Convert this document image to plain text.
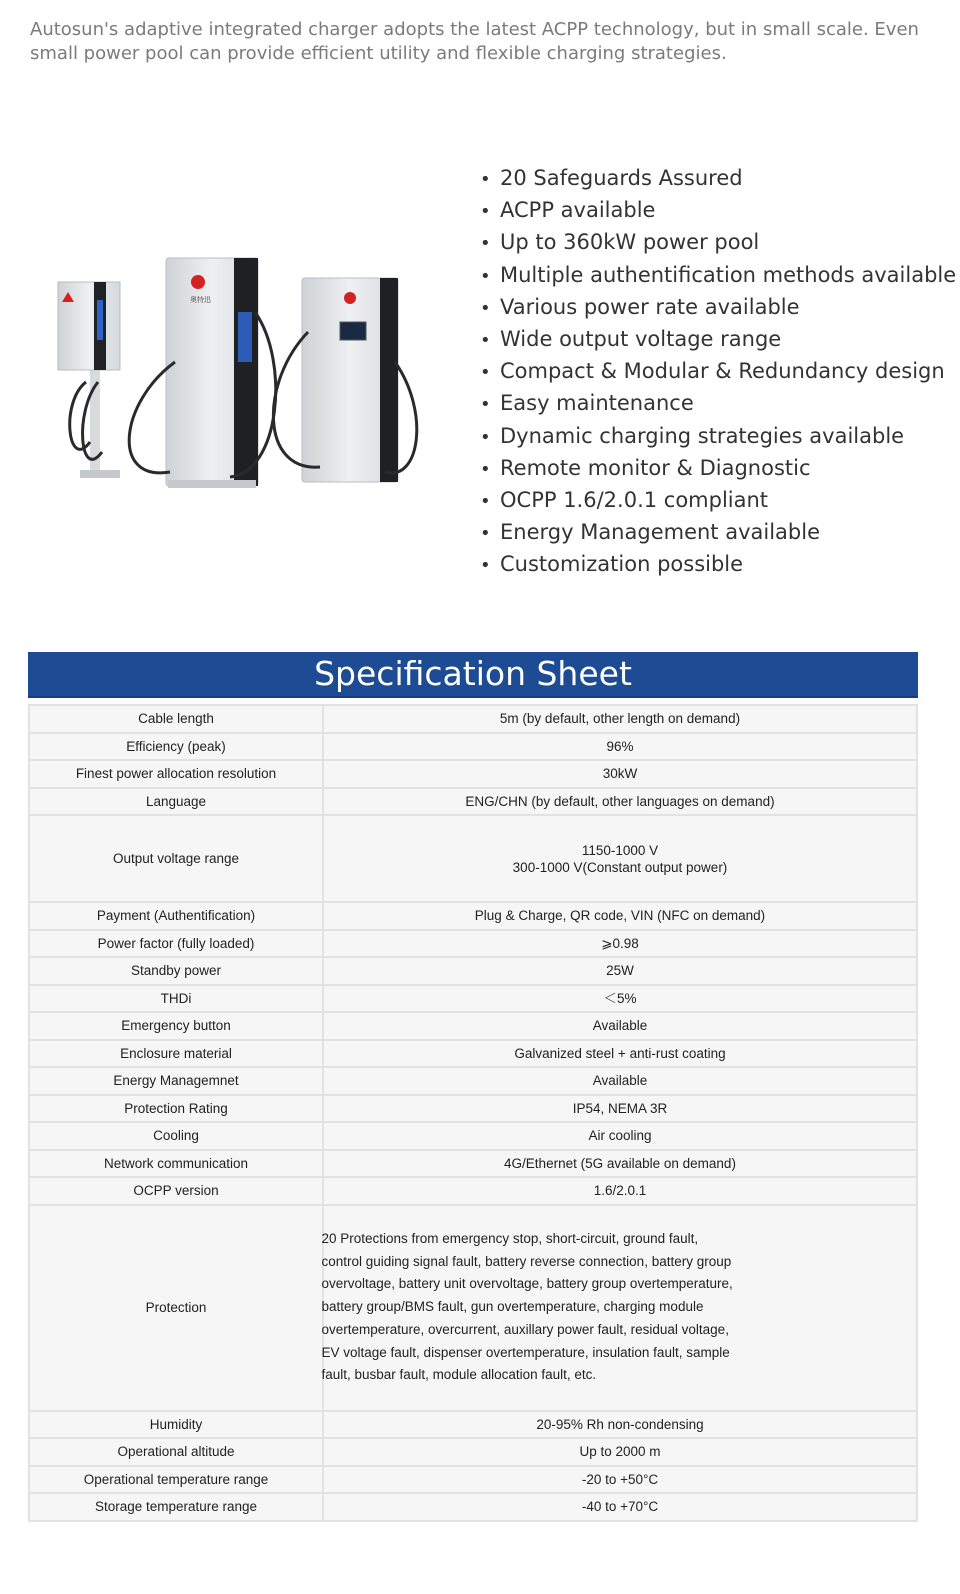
Autosun's adaptive integrated charger adopts the latest ACPP technology, but in small scale. Even small power pool can provide efficient utility and flexible charging strategies.

奥特迅
• 20 Safeguards Assured
• ACPP available
• Up to 360kW power pool
• Multiple authentification methods available
• Various power rate available
• Wide output voltage range
• Compact & Modular & Redundancy design
• Easy maintenance
• Dynamic charging strategies available
• Remote monitor & Diagnostic
• OCPP 1.6/2.0.1 compliant
• Energy Management available
• Customization possible
Specification Sheet
Cable length	5m (by default, other length on demand)
Efficiency (peak)	96%
Finest power allocation resolution	30kW
Language	ENG/CHN (by default, other languages on demand)
Output voltage range	1150-1000 V
300-1000 V(Constant output power)
Payment (Authentification)	Plug & Charge, QR code, VIN (NFC on demand)
Power factor (fully loaded)	⩾0.98
Standby power	25W
THDi	＜5%
Emergency button	Available
Enclosure material	Galvanized steel + anti-rust coating
Energy Managemnet	Available
Protection Rating	IP54, NEMA 3R
Cooling	Air cooling
Network communication	4G/Ethernet (5G available on demand)
OCPP version	1.6/2.0.1
Protection	20 Protections from emergency stop, short-circuit, ground fault, control guiding signal fault, battery reverse connection, battery group overvoltage, battery unit overvoltage, battery group overtemperature, battery group/BMS fault, gun overtemperature, charging module overtemperature, overcurrent, auxillary power fault, residual voltage, EV voltage fault, dispenser overtemperature, insulation fault, sample fault, busbar fault, module allocation fault, etc.
Humidity	20-95% Rh non-condensing
Operational altitude	Up to 2000 m
Operational temperature range	-20 to +50°C
Storage temperature range	-40 to +70°C
